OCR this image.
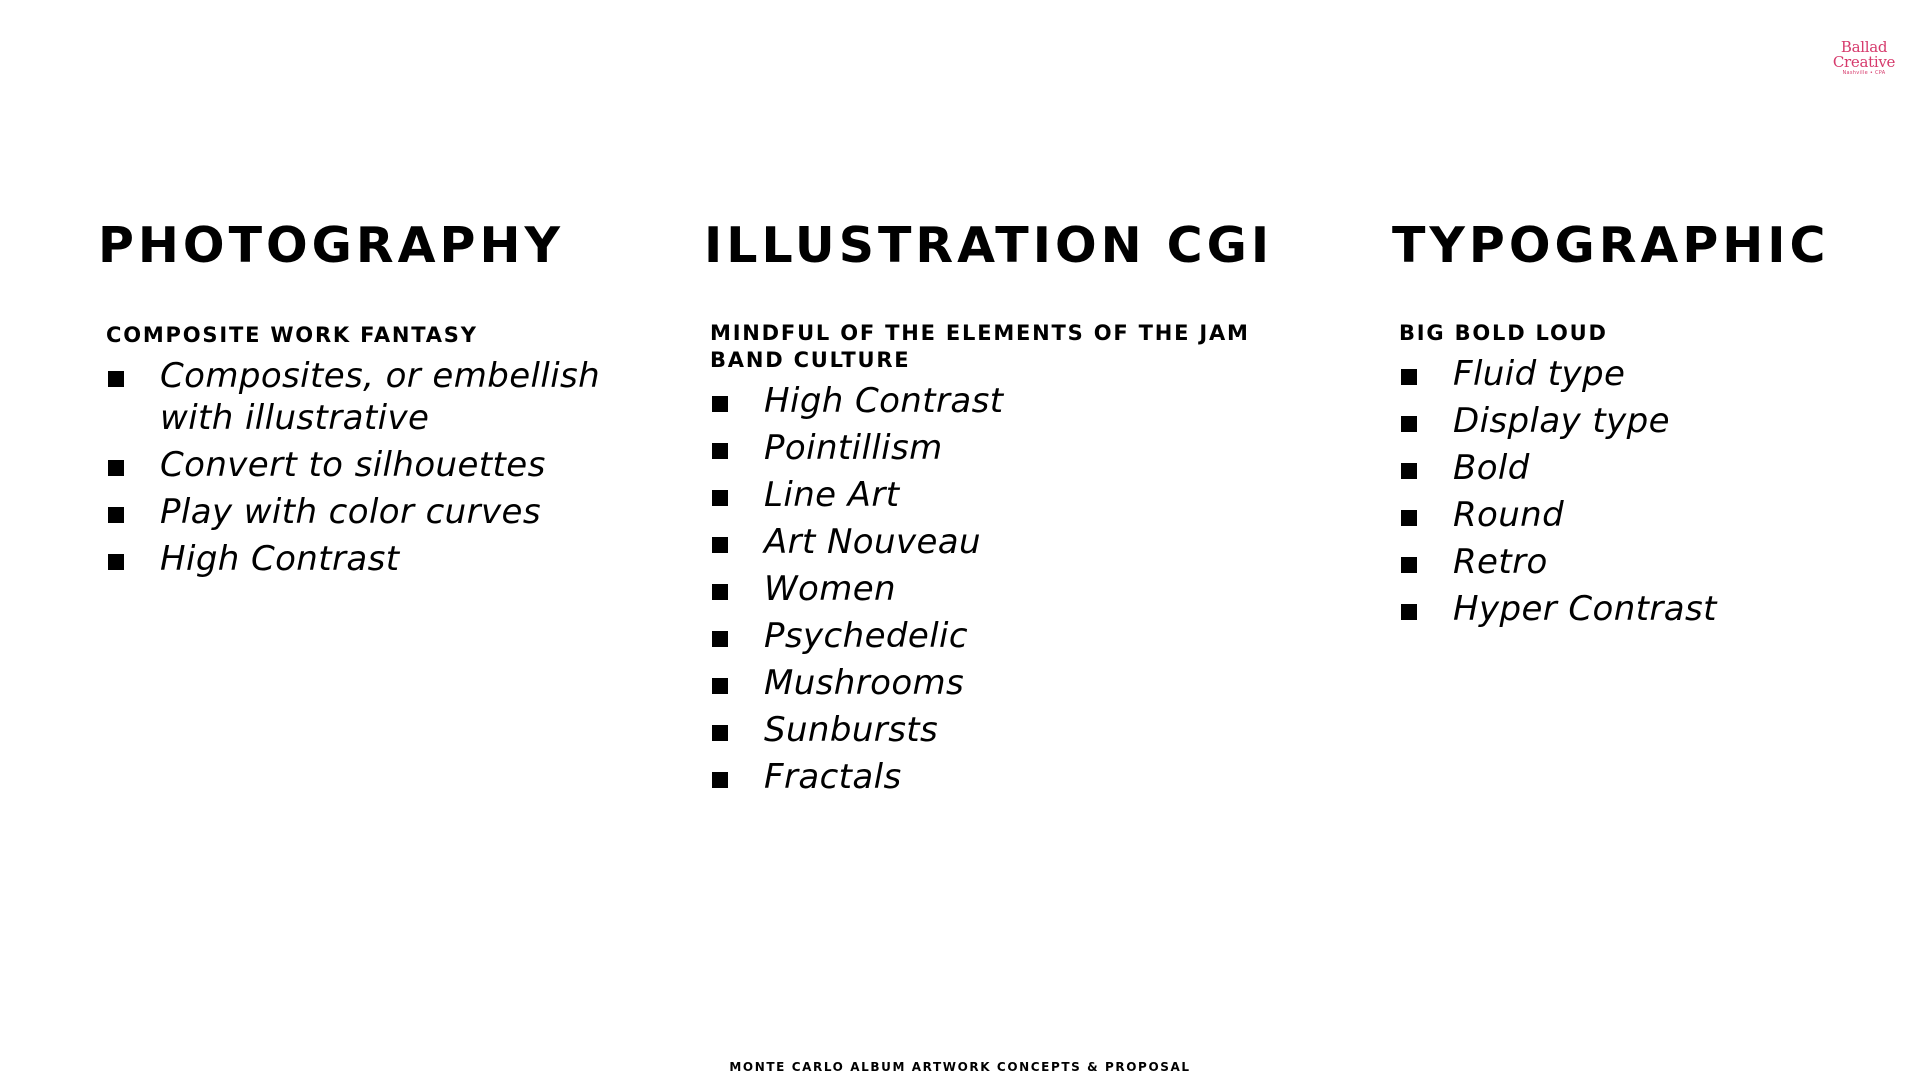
Ballad
Creative
Nashville • CPA
PHOTOGRAPHY
COMPOSITE WORK FANTASY
Composites, or embellish with illustrative
Convert to silhouettes
Play with color curves
High Contrast
ILLUSTRATION CGI
MINDFUL OF THE ELEMENTS OF THE JAM BAND CULTURE
High Contrast
Pointillism
Line Art
Art Nouveau
Women
Psychedelic
Mushrooms
Sunbursts
Fractals
TYPOGRAPHIC
BIG BOLD LOUD
Fluid type
Display type
Bold
Round
Retro
Hyper Contrast
MONTE CARLO ALBUM ARTWORK CONCEPTS & PROPOSAL
